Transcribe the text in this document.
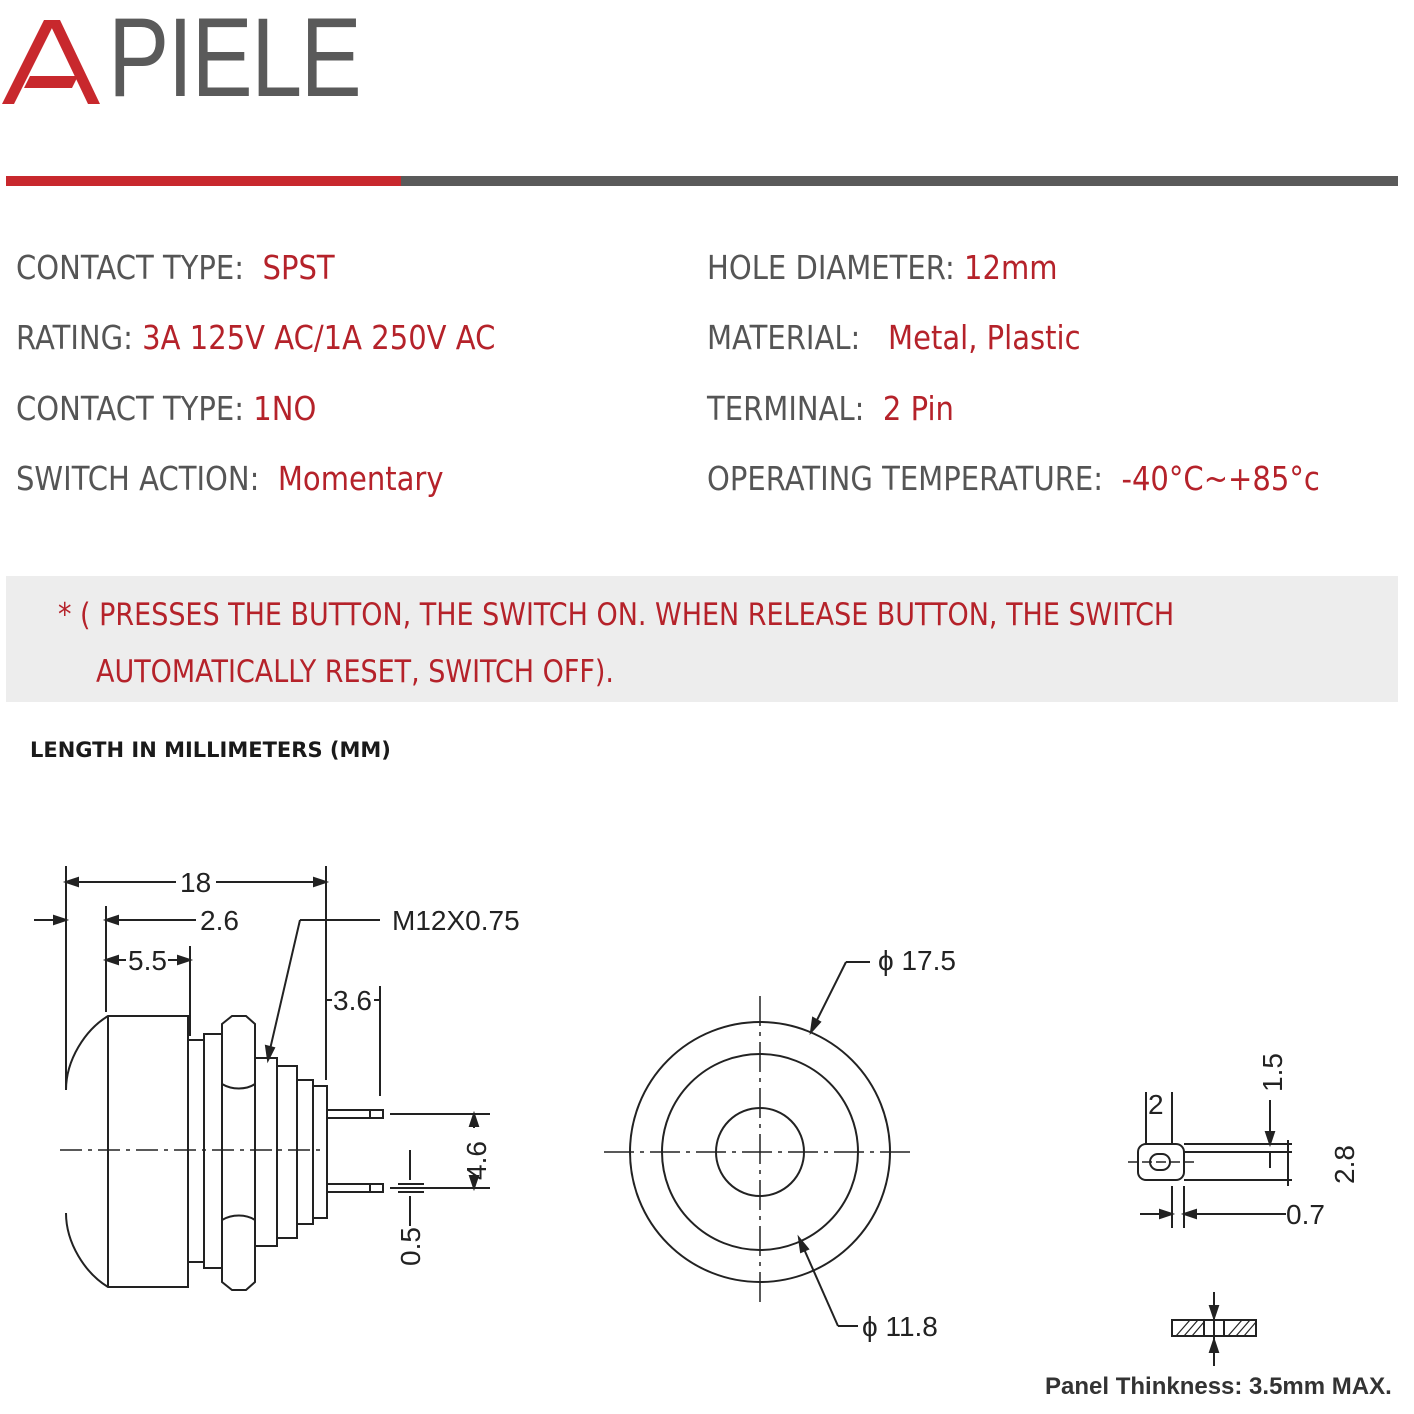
PIELE
CONTACT TYPE: SPST
RATING: 3A 125V AC/1A 250V AC
CONTACT TYPE: 1NO
SWITCH ACTION: Momentary
HOLE DIAMETER: 12mm
MATERIAL: Metal, Plastic
TERMINAL: 2 Pin
OPERATING TEMPERATURE: -40°C~+85°c
* ( PRESSES THE BUTTON, THE SWITCH ON. WHEN RELEASE BUTTON, THE SWITCH
AUTOMATICALLY RESET, SWITCH OFF).
LENGTH IN MILLIMETERS (MM)
18
2.6
5.5
3.6
M12X0.75
4.6
0.5
ϕ 17.5
ϕ 11.8
2
1.5
2.8
0.7
Panel Thinkness: 3.5mm MAX.
